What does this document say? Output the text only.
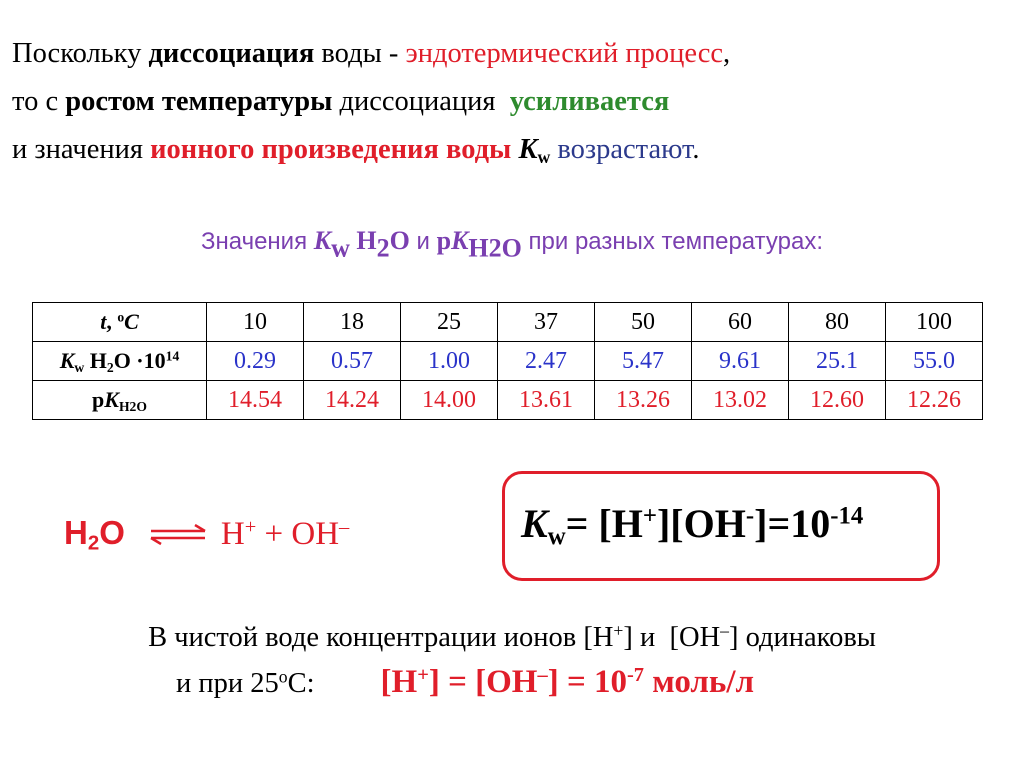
Поскольку диссоциация воды - эндотермический процесс,
то с ростом температуры диссоциация  усиливается
и значения ионного произведения воды $K_w$ возрастают.
Значения $K_w$ $H_2O$ и $pK_{H2O}$ при разных температурах:
t, $^o$C	10	18	25	37	50	60	80	100
$K_w$ $H_2O \cdot 10^{14}$	0.29	0.57	1.00	2.47	5.47	9.61	25.1	55.0
$pK_{H2O}$	14.54	14.24	14.00	13.61	13.26	13.02	12.60	12.26
$H_2O$ ⇌ H+ + OH–	$K_w= [H^+][OH^-]=10^{-14}$
В чистой воде концентрации ионов [H+] и  [OH–] одинаковы
и при 25$^o$C: $[H^+] = [OH^-] = 10^{-7}$ моль/л
